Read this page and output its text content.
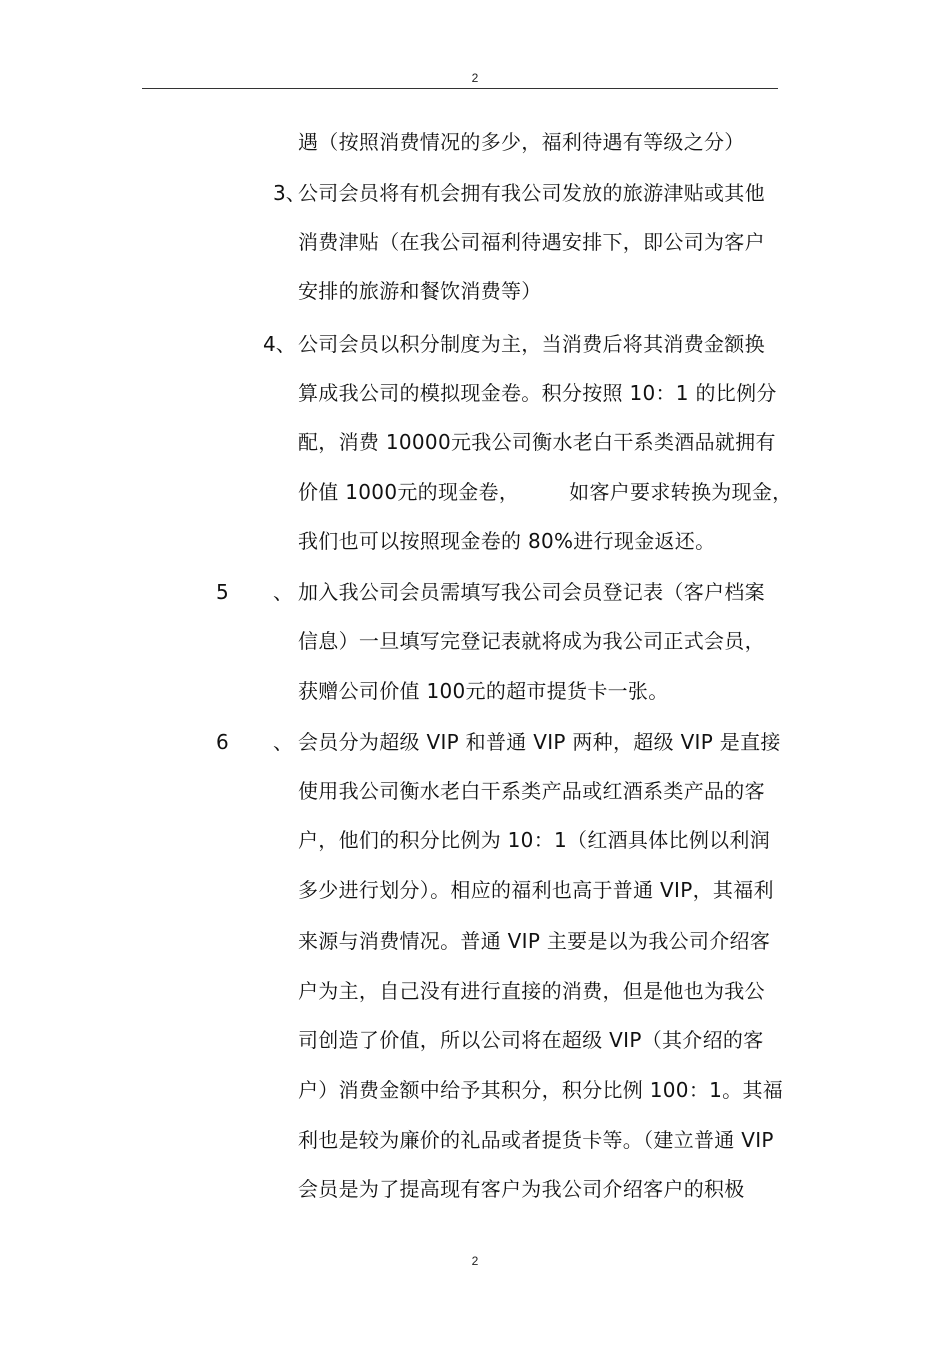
2
遇（按照消费情况的多少，福利待遇有等级之分）
3、
公司会员将有机会拥有我公司发放的旅游津贴或其他
消费津贴（在我公司福利待遇安排下，即公司为客户
安排的旅游和餐饮消费等）
4、 公司会员以积分制度为主，当消费后将其消费金额换
算成我公司的模拟现金卷。积分按照 10：1 的比例分
配，消费 10000元我公司衡水老白干系类酒品就拥有
价值 1000元的现金卷，	如客户要求转换为现金，
我们也可以按照现金卷的 80%进行现金返还。
5 、 加入我公司会员需填写我公司会员登记表（客户档案
信息）一旦填写完登记表就将成为我公司正式会员，
获赠公司价值 100元的超市提货卡一张。
6 、 会员分为超级 VIP 和普通 VIP 两种，超级 VIP 是直接
使用我公司衡水老白干系类产品或红酒系类产品的客
户，他们的积分比例为 10：1（红酒具体比例以利润
多少进行划分）。相应的福利也高于普通 VIP，其福利
来源与消费情况。普通 VIP 主要是以为我公司介绍客
户为主，自己没有进行直接的消费，但是他也为我公
司创造了价值，所以公司将在超级 VIP（其介绍的客
户）消费金额中给予其积分，积分比例 100：1。其福
利也是较为廉价的礼品或者提货卡等。（建立普通 VIP
会员是为了提高现有客户为我公司介绍客户的积极
2
